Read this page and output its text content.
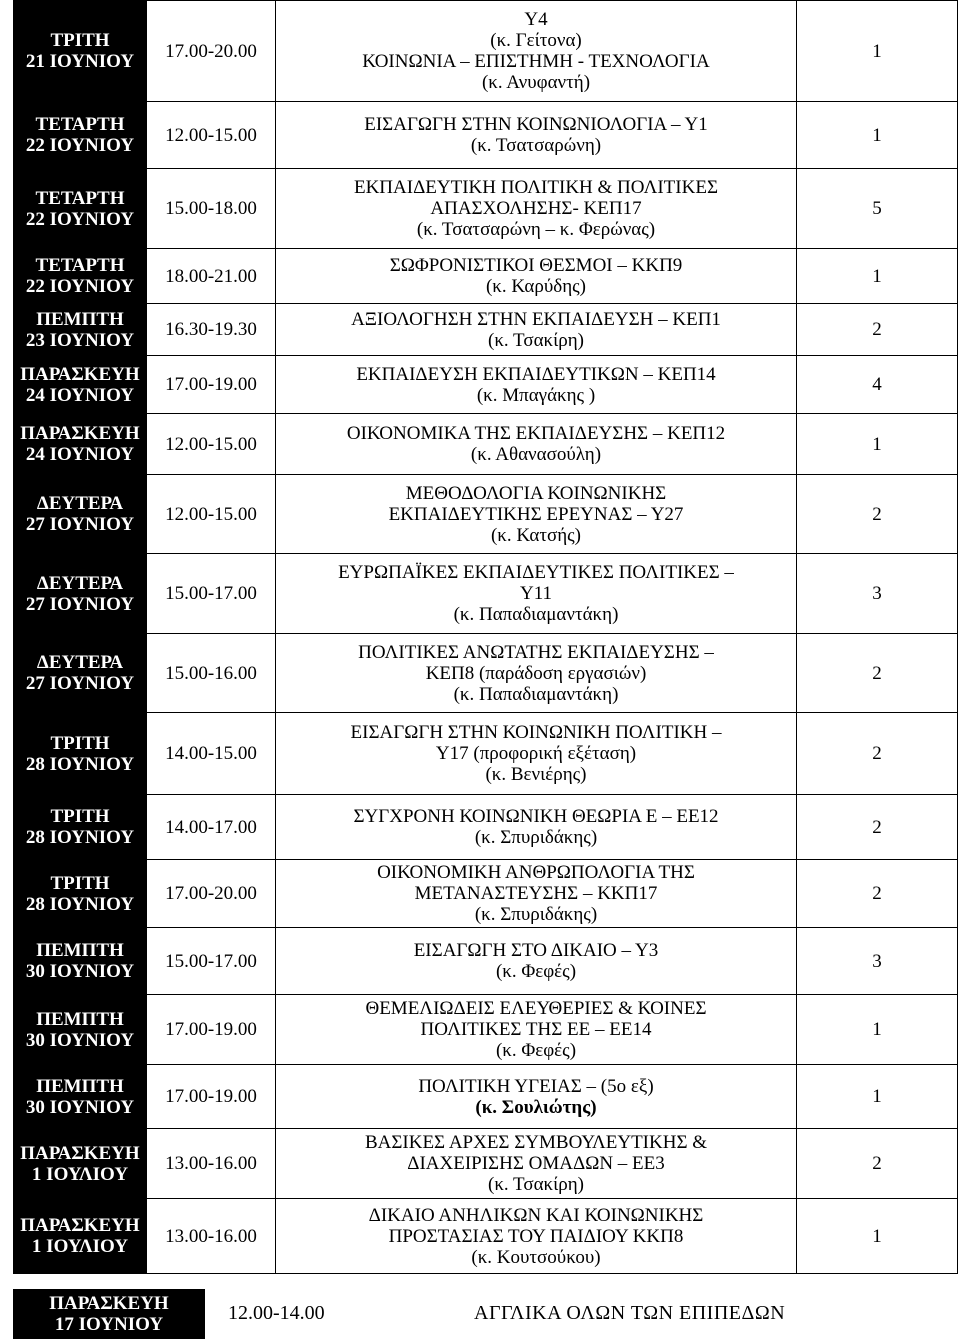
ΤΡΙΤΗ
21 ΙΟΥΝΙΟΥ	17.00-20.00	Υ4
(κ. Γείτονα)
ΚΟΙΝΩΝΙΑ – ΕΠΙΣΤΗΜΗ - ΤΕΧΝΟΛΟΓΙΑ
(κ. Ανυφαντή)	1

ΤΕΤΑΡΤΗ
22 ΙΟΥΝΙΟΥ	12.00-15.00	ΕΙΣΑΓΩΓΗ ΣΤΗΝ ΚΟΙΝΩΝΙΟΛΟΓΙΑ – Υ1
(κ. Τσατσαρώνη)	1

ΤΕΤΑΡΤΗ
22 ΙΟΥΝΙΟΥ	15.00-18.00	ΕΚΠΑΙΔΕΥΤΙΚΗ ΠΟΛΙΤΙΚΗ & ΠΟΛΙΤΙΚΕΣ
ΑΠΑΣΧΟΛΗΣΗΣ- ΚΕΠ17
(κ. Τσατσαρώνη – κ. Φερώνας)	5

ΤΕΤΑΡΤΗ
22 ΙΟΥΝΙΟΥ	18.00-21.00	ΣΩΦΡΟΝΙΣΤΙΚΟΙ ΘΕΣΜΟΙ – ΚΚΠ9
(κ. Καρύδης)	1

ΠΕΜΠΤΗ
23 ΙΟΥΝΙΟΥ	16.30-19.30	ΑΞΙΟΛΟΓΗΣΗ ΣΤΗΝ ΕΚΠΑΙΔΕΥΣΗ – ΚΕΠ1
(κ. Τσακίρη)	2

ΠΑΡΑΣΚΕΥΗ
24 ΙΟΥΝΙΟΥ	17.00-19.00	ΕΚΠΑΙΔΕΥΣΗ ΕΚΠΑΙΔΕΥΤΙΚΩΝ – ΚΕΠ14
(κ. Μπαγάκης )	4

ΠΑΡΑΣΚΕΥΗ
24 ΙΟΥΝΙΟΥ	12.00-15.00	ΟΙΚΟΝΟΜΙΚΑ ΤΗΣ ΕΚΠΑΙΔΕΥΣΗΣ – ΚΕΠ12
(κ. Αθανασούλη)	1

ΔΕΥΤΕΡΑ
27 ΙΟΥΝΙΟΥ	12.00-15.00	ΜΕΘΟΔΟΛΟΓΙΑ ΚΟΙΝΩΝΙΚΗΣ
ΕΚΠΑΙΔΕΥΤΙΚΗΣ ΕΡΕΥΝΑΣ – Υ27
(κ. Κατσής)	2

ΔΕΥΤΕΡΑ
27 ΙΟΥΝΙΟΥ	15.00-17.00	ΕΥΡΩΠΑΪΚΕΣ ΕΚΠΑΙΔΕΥΤΙΚΕΣ ΠΟΛΙΤΙΚΕΣ –
Υ11
(κ. Παπαδιαμαντάκη)	3

ΔΕΥΤΕΡΑ
27 ΙΟΥΝΙΟΥ	15.00-16.00	ΠΟΛΙΤΙΚΕΣ ΑΝΩΤΑΤΗΣ ΕΚΠΑΙΔΕΥΣΗΣ –
ΚΕΠ8 (παράδοση εργασιών)
(κ. Παπαδιαμαντάκη)	2

ΤΡΙΤΗ
28 ΙΟΥΝΙΟΥ	14.00-15.00	ΕΙΣΑΓΩΓΗ ΣΤΗΝ ΚΟΙΝΩΝΙΚΗ ΠΟΛΙΤΙΚΗ –
Υ17 (προφορική εξέταση)
(κ. Βενιέρης)	2

ΤΡΙΤΗ
28 ΙΟΥΝΙΟΥ	14.00-17.00	ΣΥΓΧΡΟΝΗ ΚΟΙΝΩΝΙΚΗ ΘΕΩΡΙΑ Ε – ΕΕ12
(κ. Σπυριδάκης)	2

ΤΡΙΤΗ
28 ΙΟΥΝΙΟΥ	17.00-20.00	ΟΙΚΟΝΟΜΙΚΗ ΑΝΘΡΩΠΟΛΟΓΙΑ ΤΗΣ
ΜΕΤΑΝΑΣΤΕΥΣΗΣ – ΚΚΠ17
(κ. Σπυριδάκης)	2

ΠΕΜΠΤΗ
30 ΙΟΥΝΙΟΥ	15.00-17.00	ΕΙΣΑΓΩΓΗ ΣΤΟ ΔΙΚΑΙΟ – Υ3
(κ. Φεφές)	3

ΠΕΜΠΤΗ
30 ΙΟΥΝΙΟΥ	17.00-19.00	ΘΕΜΕΛΙΩΔΕΙΣ ΕΛΕΥΘΕΡΙΕΣ & ΚΟΙΝΕΣ
ΠΟΛΙΤΙΚΕΣ ΤΗΣ ΕΕ – ΕΕ14
(κ. Φεφές)	1

ΠΕΜΠΤΗ
30 ΙΟΥΝΙΟΥ	17.00-19.00	ΠΟΛΙΤΙΚΗ ΥΓΕΙΑΣ – (5ο εξ)
(κ. Σουλιώτης)	1

ΠΑΡΑΣΚΕΥΗ
1 ΙΟΥΛΙΟΥ	13.00-16.00	ΒΑΣΙΚΕΣ ΑΡΧΕΣ ΣΥΜΒΟΥΛΕΥΤΙΚΗΣ &
ΔΙΑΧΕΙΡΙΣΗΣ ΟΜΑΔΩΝ – ΕΕ3
(κ. Τσακίρη)	2

ΠΑΡΑΣΚΕΥΗ
1 ΙΟΥΛΙΟΥ	13.00-16.00	ΔΙΚΑΙΟ ΑΝΗΛΙΚΩΝ ΚΑΙ ΚΟΙΝΩΝΙΚΗΣ
ΠΡΟΣΤΑΣΙΑΣ ΤΟΥ ΠΑΙΔΙΟΥ ΚΚΠ8
(κ. Κουτσούκου)	1
ΠΑΡΑΣΚΕΥΗ
17 ΙΟΥΝΙΟΥ
12.00-14.00	ΑΓΓΛΙΚΑ ΟΛΩΝ ΤΩΝ ΕΠΙΠΕΔΩΝ
